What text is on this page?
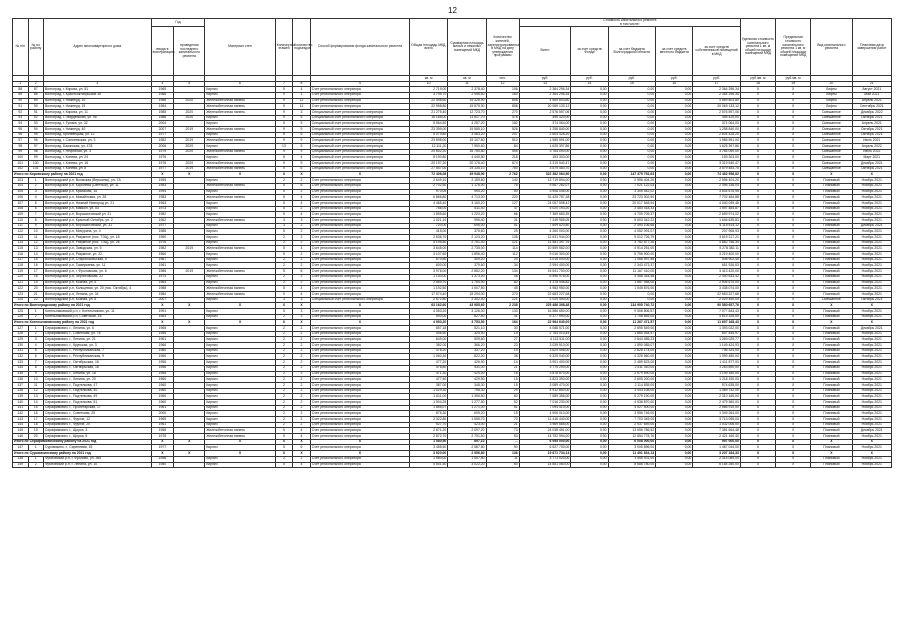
12
№ п/п	№ по району	Адрес многоквартирного дома	Год		Материал стен	Количество этажей	Количество подъездов	Способ формирования фонда капитального ремонта	Общая площадь МКД, всего	Суммарная площадь жилых и нежилых помещений МКД	Количество жителей, зарегистрированных в МКД на дату утверждения программы	Стоимость капитального ремонта
в том числе:					Удельная стоимость капитального ремонта 1 кв. м общей площади помещений МКД	Предельная стоимость капитального ремонта 1 кв. м общей площади помещений МКД	Вид капитального ремонта	Плановая дата завершения работ
			ввода в эксплуатацию	проведения последнего капитального ремонта								Всего	за счет средств Фонда	за счет бюджета Волгоградской области	за счет средств местного бюджета	за счет средств собственников помещений в МКД				
									кв. м	кв. м	чел.	руб.	руб.	руб.	руб.	руб.	руб./кв. м	руб./кв. м		
1	2	3	4	5	6	7	8	9	10	11	12	13	14	15	16	17	18	19	20	21
88	87	Волгоград, г. Кирова, ул. 81	1965		Кирпич	5	4	Счет регионального оператора	2 719,00	2 378,40	106	2 364 296,34	0,00	0,00	0,00	2 364 296,34	X	X	Лифты	Август 2021
89	88	Волгоград, г. Краснооктябрьский 38	1968		Кирпич	9	1	Счет регионального оператора	3 795,70	2 996,60	160	2 364 296,34	0,00	0,00	0,00	2 364 296,34	X	X	Лифты	Май 2021
90	89	Волгоград, г. Нижнеуд. 10	1986	2020	Железобетонная панель	9	12	Счет регионального оператора	22 498,60	19 326,90	808	4 669 803,80	0,00	0,00	0,00	4 669 803,80	X	X	Лифты	Апрель 2021
91	90	Волгоград, г. Нижнеуд. 19	1984		Железобетонная панель	9	11	Счет регионального оператора	22 958,80	19 575,90	858	20 069 133,12	0,00	0,00	0,00	20 069 133,12	X	X	Лифты	Сентябрь 2021
92	91	Волгоград, г. Кирова, ул. 11	1985	2020	Железобетонная панель	9	3	Специальный счет регионального оператора	21 275,40	12 723,70	270	2 576 597,06	0,00	0,00	0,00	2 576 597,06	X	X	Смешанное	Декабрь 2022
93	92	Волгоград, г. Гвардейский, ул. 95	1988	2020	Кирпич	9	5	Специальный счет регионального оператора	16 188,00	11 617,70	478	495 420,00	0,00	0,00	0,00	495 420,00	X	X	Смешанное	Октябрь 2021
94	93	Волгоград, г. Тулака, ул. 32	2004		Кирпич	5	5	Специальный счет регионального оператора	5 564,50	4 257,20	182	374 064,00	0,00	0,00	0,00	374 064,00	X	X	Смешанное	Апрель 2021
95	94	Волгоград, г. Нижнеуд. 40	2007	2019	Железобетонная панель	9	9	Специальный счет регионального оператора	23 399,00	19 585,10	526	1 258 840,00	0,00	0,00	0,00	1 258 840,00	X	X	Смешанное	Октябрь 2021
96	95	Волгоград, Кролевецкая, ул. 12	1977		Кирпич	5	6	Специальный счет регионального оператора	5 079,80	3 463,20	207	2 604 428,20	0,00	0,00	0,00	2 604 428,20	X	X	Смешанное	Октябрь 2021
97	96	Волгоград, г. Сапсеевская, ул. 3	1982	2019	Железобетонная панель	9	9	Специальный счет регионального оператора	23 695,00	19 107,60	510	1 985 591,00	0,00	0,00	0,00	1 985 591,00	X	X	Смешанное	Июнь 2021
98	97	Волгоград, Бакинская, ул. 478	2006	2020	Кирпич	13	5	Специальный счет регионального оператора	12 111,20	7 950,60	84	1 625 397,86	0,00	0,00	0,00	1 625 397,86	X	X	Смешанное	Апрель 2022
99	98	Волгоград, г. Нефтяная, ул. 3	1979	2020	Железобетонная панель	9	9	Специальный счет регионального оператора	20 602,20	16 750,80	595	3 764 090,00	0,00	0,00	0,00	3 764 090,00	X	X	Смешанное	Июль 2022
100	99	Волгоград, г. Конева, ул. 24	1976		Кирпич	5	4	Специальный счет регионального оператора	8 190,80	4 440,80	218	153 303,00	0,00	0,00	0,00	153 303,00	X	X	Смешанное	Март 2021
101	100	Волгоград, г. Конева, ул. 16	1976	2020	Железобетонная панель	9	9	Специальный счет регионального оператора	20 197,20	20 176,40	674	3 319 540,47	0,00	0,00	0,00	3 319 540,47	X	X	Смешанное	Декабрь 2021
102	101	Волгоград, г. Конева, ул. 8	1977	2019	Железобетонная панель	9	6	Специальный счет регионального оператора	27 547,00	24 134,10	760	3 579 483,70	0,00	0,00	0,00	3 579 483,70	X	X	Смешанное	Октябрь 2021
Итого по Кировскому району на 2021 год			X	X	X	X	X	X	72 406,08	49 948,90	2 762	322 382 064,50	0,00	147 375 752,63	0,00	74 482 958,82	X	X	X	X
103	1	Волгоградский р-н, Волжская (Вершины), ул. 7А	1959		Кирпич	2	2	Счет регионального оператора	2 649,10	2 159,60	140	13 719 894,00	0,00	2 596 404,20	0,00	2 596 404,20	X	X	Плановый	Ноябрь 2021
104	2	Волгоградский р-н, Королева (Светлый), ул. 11	1983		Железобетонная панель	5	6	Счет регионального оператора	2 702,50	1 176,00	75	9 567 282,07	0,00	7 021 122,03	0,00	2 496 338,04	X	X	Плановый	Ноябрь 2021
105	3	Волгоградский р-н, Крымская, 15	1994		Кирпич	5	2	Счет регионального оператора	970,05	994,20	50	3 908 045,00	0,00	3 305 542,02	0,00	3 604 675,95	X	X	Плановый	Ноябрь 2021
106	4	Волгоградский р-н, Михайловка, ул. 28	1983		Железобетонная панель	5	4	Счет регионального оператора	6 866,80	4 713,00	220	31 425 787,38	0,00	23 723 302,50	0,00	7 702 484,88	X	X	Плановый	Ноябрь 2021
107	5	Волгоградский р-н, Нижний Новгород ул. 21	1963		Кирпич	5	4	Счет регионального оператора	4 465,40	3 160,20	127	24 057 598,42	0,00	20 017 548,94	0,00	4 040 049,48	X	X	Плановый	Ноябрь 2021
108	6	Волгоградский р-н, Майкоп, ул. 53	1973		Кирпич	5	2	Счет регионального оператора	766,00	611,40	47	5 020 193,20	0,00	3 483 418,33	0,00	1 597 484,87	X	X	Плановый	Ноябрь 2021
109	7	Волгоградский р-н, Ворошиловский ул. 21	1982		Кирпич	5	4	Счет регионального оператора	1 895,60	1 220,20	66	7 369 683,39	0,00	4 709 709,37	0,00	2 659 974,02	X	X	Плановый	Ноябрь 2021
110	8	Волгоградский р-н, Красный Октябрь, ул. 2	1962		Железобетонная панель	3	3	Счет регионального оператора	1 021,10	996,40	31	7 249 985,05	0,00	5 603 342,22	0,00	1 646 635,83	X	X	Плановый	Ноябрь 2021
111	9	Волгоградский р-н, Ворошиловский, ул. 31	1977		Кирпич	3	2	Счет регионального оператора	720,00	696,00	51	7 609 620,80	0,00	2 494 106,68	0,00	5 115 514,12	X	X	Плановый	Декабрь 2021
112	10	Волгоградский р-н, Мичурина, ул. 4	1985		Кирпич	5	2	Счет регионального оператора	415,00	375,60	25	4 260 000,00	0,00	4 052 091,07	0,00	207 908,93	X	X	Плановый	Ноябрь 2021
113	11	Волгоградский р-н, Разумное (пос. ТЭЦ), ул. 18	1960		Кирпич	2	2	Счет регионального оператора	2 636,70	2 123,20	135	12 631 944,00	0,00	9 012 726,79	0,00	3 619 217,21	X	X	Плановый	Ноябрь 2021
114	12	Волгоградский р-н, Разумное (пос. ТЭЦ), ул. 28	1976		Кирпич	2	2	Счет регионального оператора	4 195,80	2 751,40	121	11 581 397,75	0,00	3 782 877,26	0,00	4 862 756,34	X	X	Плановый	Ноябрь 2021
115	13	Волгоградский р-н, Заводская, ул. 5	1982	2019	Железобетонная панель	5	4	Счет регионального оператора	3 645,00	2 735,00	114	10 559 582,00	0,00	4 914 251,00	0,00	5 278 382,11	X	X	Плановый	Ноябрь 2021
116	14	Волгоградский р-н, Разумное, ул. 22	1960		Кирпич	5	2	Счет регионального оператора	3 107,60	1 896,40	112	9 016 300,00	0,00	5 796 900,00	0,00	3 219 400,00	X	X	Плановый	Ноябрь 2021
117	15	Волгоградский р-н, Старооскольская, 5	1967		Кирпич	2	2	Счет регионального оператора	670,50	309,20	24	1 015 000,00	0,00	1 066 997,58	0,00	908 902,45	X	X	Плановый	Ноябрь 2021
118	16	Волгоградский р-н, Тимирязева, ул. 11	1961		Кирпич	2	2	Счет регионального оператора	600,00	379,60	34	2 994 400,00	0,00	2 343 473,37	0,00	651 926,63	X	X	Плановый	Ноябрь 2021
119	17	Волгоградский р-н, г. Фроловская, ул. 6	1985	2019	Железобетонная панель	5	6	Счет регионального оператора	3 976,00	2 852,20	134	15 541 700,00	0,00	11 167 410,00	0,00	3 413 420,00	X	X	Плановый	Ноябрь 2021
120	18	Волгоградский р-н, Черниговская, 22	1973		Кирпич	2	2	Счет регионального оператора	1 100,00	1 373,00	48	6 596 978,00	0,00	4 356 344,58	0,00	2 440 633,42	X	X	Плановый	Ноябрь 2021
121	19	Волгоградский р-н, Южная, ул. 5	1964		Кирпич	2	2	Счет регионального оператора	2 569,70	1 754,90	82	4 378 946,82	0,00	1 687 958,00	0,00	2 906 670,00	X	X	Плановый	Ноябрь 2021
122	20	Волгоградский р-н, Кольцевая, ул. 20 (пос. Октябрь), 4	1988		Железобетонная панель	5	4	Счет регионального оператора	1 192,50	1 007,50	45	4 983 950,00	0,00	1 545 876,00	0,00	3 438 074,00	X	X	Плановый	Ноябрь 2021
123	21	Волгоградский р-н, Ленина, ул. 34	1984		Железобетонная панель	9	4	Счет регионального оператора	17 574,40	15 294,00	270	22 683 227,68	0,00	0,00	0,00	22 683 227,68	X	X	Плановый	Ноябрь 2021
124	22	Волгоградский р-н, Южная, ул. 8	2007		Кирпич	3	3	Специальный счет регионального оператора	2 672,80	2 302,40	121	2 029 450,00	0,00	0,00	0,00	2 029 450,00	X	X	Смешанное	Октябрь 2021
Итого по Волгоградскому району на 2021 год			X	X	X	X	X	X	63 162,60	43 985,60	2 238	225 486 398,48	0,00	134 905 740,72	0,00	90 580 657,76	X	X	X	X
125	1	Котельниковский р-н, г. Котельниково, ул. 11	1991		Кирпич	5	3	Счет регионального оператора	4 053,20	3 126,00	133	16 586 650,00	0,00	9 508 806,57	0,00	7 077 843,43	X	X	Плановый	Ноябрь 2021
126	2	Котельниковский р-н, Советская, 45	1963		Кирпич	2	2	Счет регионального оператора	900,00	627,50	31	6 377 990,00	0,00	1 758 665,00	0,00	4 619 325,00	X	X	Плановый	Ноябрь 2021
Итого по Котельниковскому району на 2021 год			X	X	X	X	X	X	4 953,20	3 753,50	164	22 964 640,00	0,00	11 267 471,57	0,00	11 697 168,43	X	X	X	X
127	1	Серафимович, г., Ленина, ул. 6	1965		Кирпич	2	2	Счет регионального оператора	657,18	521,10	30	4 088 571,00	0,00	2 695 549,00	0,00	1 393 022,00	X	X	Плановый	Декабрь 2021
128	2	Серафимович, г., Советская, ул. 78	1955		Кирпич	2	2	Счет регионального оператора	406,90	325,90	19	2 763 010,44	0,00	1 865 464,47	0,00	897 545,97	X	X	Плановый	Ноябрь 2021
129	3	Серафимович, г., Ленина, ул. 21	1961		Кирпич	2	2	Счет регионального оператора	649,00	509,60	27	4 113 511,00	0,00	2 844 485,23	0,00	1 269 025,77	X	X	Плановый	Ноябрь 2021
130	4	Серафимович, г., Крупская, ул. 3	1966		Кирпич	2	2	Счет регионального оператора	382,00	366,20	23	3 039 510,00	0,00	1 890 085,07	0,00	1 149 424,93	X	X	Плановый	Ноябрь 2021
131	5	Серафимович, г., Республиканская, 7	1960		Кирпич	2	2	Счет регионального оператора	478,20	337,20	19	3 624 498,00	0,00	2 828 174,00	0,00	796 324,00	X	X	Плановый	Ноябрь 2021
132	6	Серафимович, г., Республиканская, 9	1960		Кирпич	2	2	Счет регионального оператора	1 060,30	822,00	38	6 325 040,00	0,00	4 325 560,00	0,00	1 999 480,00	X	X	Плановый	Ноябрь 2021
133	7	Серафимович, г., Октябрьская, 16	1956		Кирпич	2	2	Счет регионального оператора	477,20	426,90	14	3 901 400,00	0,00	2 489 523,00	0,00	1 411 877,00	X	X	Плановый	Ноябрь 2021
134	8	Серафимович, г., Октябрьская, 18	1956		Кирпич	2	2	Счет регионального оператора	476,80	431,00	21	3 775 200,00	0,00	2 511 310,00	0,00	1 263 890,00	X	X	Плановый	Ноябрь 2021
135	9	Серафимович, г., Ленина, ул. 18	1955		Кирпич	2	2	Счет регионального оператора	471,30	424,00	16	3 878 870,00	0,00	2 679 690,00	0,00	1 199 180,00	X	X	Плановый	Ноябрь 2021
136	10	Серафимович, г., Ленина, ул. 20	1960		Кирпич	2	2	Счет регионального оператора	477,50	429,90	15	3 823 390,00	0,00	2 605 200,00	0,00	1 218 190,00	X	X	Плановый	Ноябрь 2021
137	11	Серафимович, г., Подтелкова, 47	1960		Кирпич	2	2	Счет регионального оператора	387,00	348,30	15	3 089 470,00	0,00	2 114 835,00	0,00	974 635,00	X	X	Плановый	Ноябрь 2021
138	12	Серафимович, г., Подтелкова, 40	1960		Кирпич	2	2	Счет регионального оператора	1 029,30	758,30	29	4 912 850,00	0,00	3 443 108,00	0,00	1 469 742,00	X	X	Плановый	Ноябрь 2021
139	13	Серафимович, г., Подтелкова, 49	1960		Кирпич	2	2	Счет регионального оператора	1 611,00	1 396,50	60	7 589 355,00	0,00	5 279 190,00	0,00	2 310 165,00	X	X	Плановый	Ноябрь 2021
140	14	Серафимович, г., Подтелкова, 51	1960		Кирпич	2	2	Счет регионального оператора	1 904,25	1 277,50	52	7 016 230,00	0,00	4 536 870,00	0,00	2 479 360,00	X	X	Плановый	Ноябрь 2021
141	15	Серафимович, г., Пролетарская, 17	1961		Кирпич	2	2	Счет регионального оператора	1 855,07	1 271,00	51	7 094 410,00	0,00	4 527 500,00	0,00	2 566 910,00	X	X	Плановый	Ноябрь 2021
142	16	Серафимович, г., Советская, 25	2000		Кирпич	2	2	Счет регионального оператора	876,30	605,20	15	4 906 010,00	0,00	3 556 746,00	0,00	1 349 264,00	X	X	Плановый	Ноябрь 2021
143	17	Серафимович, г., Фрунзе, 12	1965		Кирпич	2	2	Счет регионального оператора	2 322,80	1 555,70	70	11 416 440,00	0,00	7 703 345,00	0,00	3 713 095,00	X	X	Плановый	Ноябрь 2021
144	18	Серафимович, г., Фрунзе, 20	1961		Кирпич	2	2	Счет регионального оператора	527,70	423,00	21	3 969 665,00	0,00	2 937 659,00	0,00	1 032 006,00	X	X	Плановый	Ноябрь 2021
145	19	Серафимович, г., Щорса, 3	1958		Железобетонная панель	5	4	Счет регионального оператора	2 671,20	2 097,20	73	24 038 451,00	0,00	13 656 786,52	0,00	7 381 664,48	X	X	Плановый	Декабрь 2021
146	20	Серафимович, г., Щорса, 5	1978		Железобетонная панель	5	4	Счет регионального оператора	2 872,70	2 791,50	53	14 752 994,00	0,00	12 654 778,76	0,00	2 421 160,40	X	X	Плановый	Ноябрь 2021
Итого по Серафимовичскому району на 2021 год			X	X	X	X	X	X	1 080,50	897,10	...	6 955 000,00	0,00	6 008 000,00	0,00	997 000,00	X	X	X	X
147	1	Суровикино, г., Сиреневая, 15	1977		Кирпич	5	6	Счет регионального оператора	3 455,50	2 587,80	90	6 527 700,00	0,00	3 005 896,00	0,00	1 467 044,00	X	X	Плановый	Ноябрь 2021
Итого по Суровикинскому району на 2021 год			X	X	X	X	X	X	3 920,00	2 956,80	136	19 671 734,14	0,00	11 491 834,13	0,00	3 207 184,33	X	X	X	X
148	1	Фроловский р-н, г. Фролово, ул. 365	1956		Кирпич	2	2	Счет регионального оператора	1 980,00	1 507,80	11	3 771 020,00	0,00	1 455 931,00	0,00	2 315 089,00	X	X	Плановый	Ноябрь 2021
149	2	Фроловский р-н, г. Ленина, ул. 10	1980		Кирпич	5	4	Счет регионального оператора	4 541,50	3 022,20	60	14 851 060,00	0,00	8 686 780,00	0,00	6 164 280,00	X	X	Плановый	Ноябрь 2021
